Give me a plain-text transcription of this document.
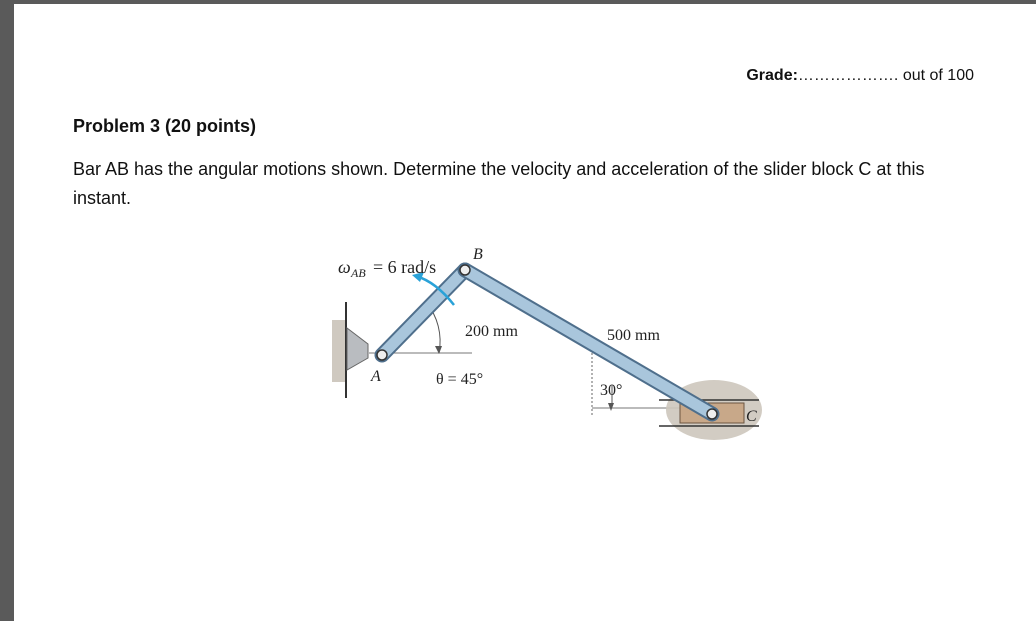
Grade:………………. out of 100
Problem 3 (20 points)
Bar AB has the angular motions shown. Determine the velocity and acceleration of the slider block C at this instant.
ω AB = 6 rad/s
B
A
C
200 mm	500 mm
θ = 45°
30°
